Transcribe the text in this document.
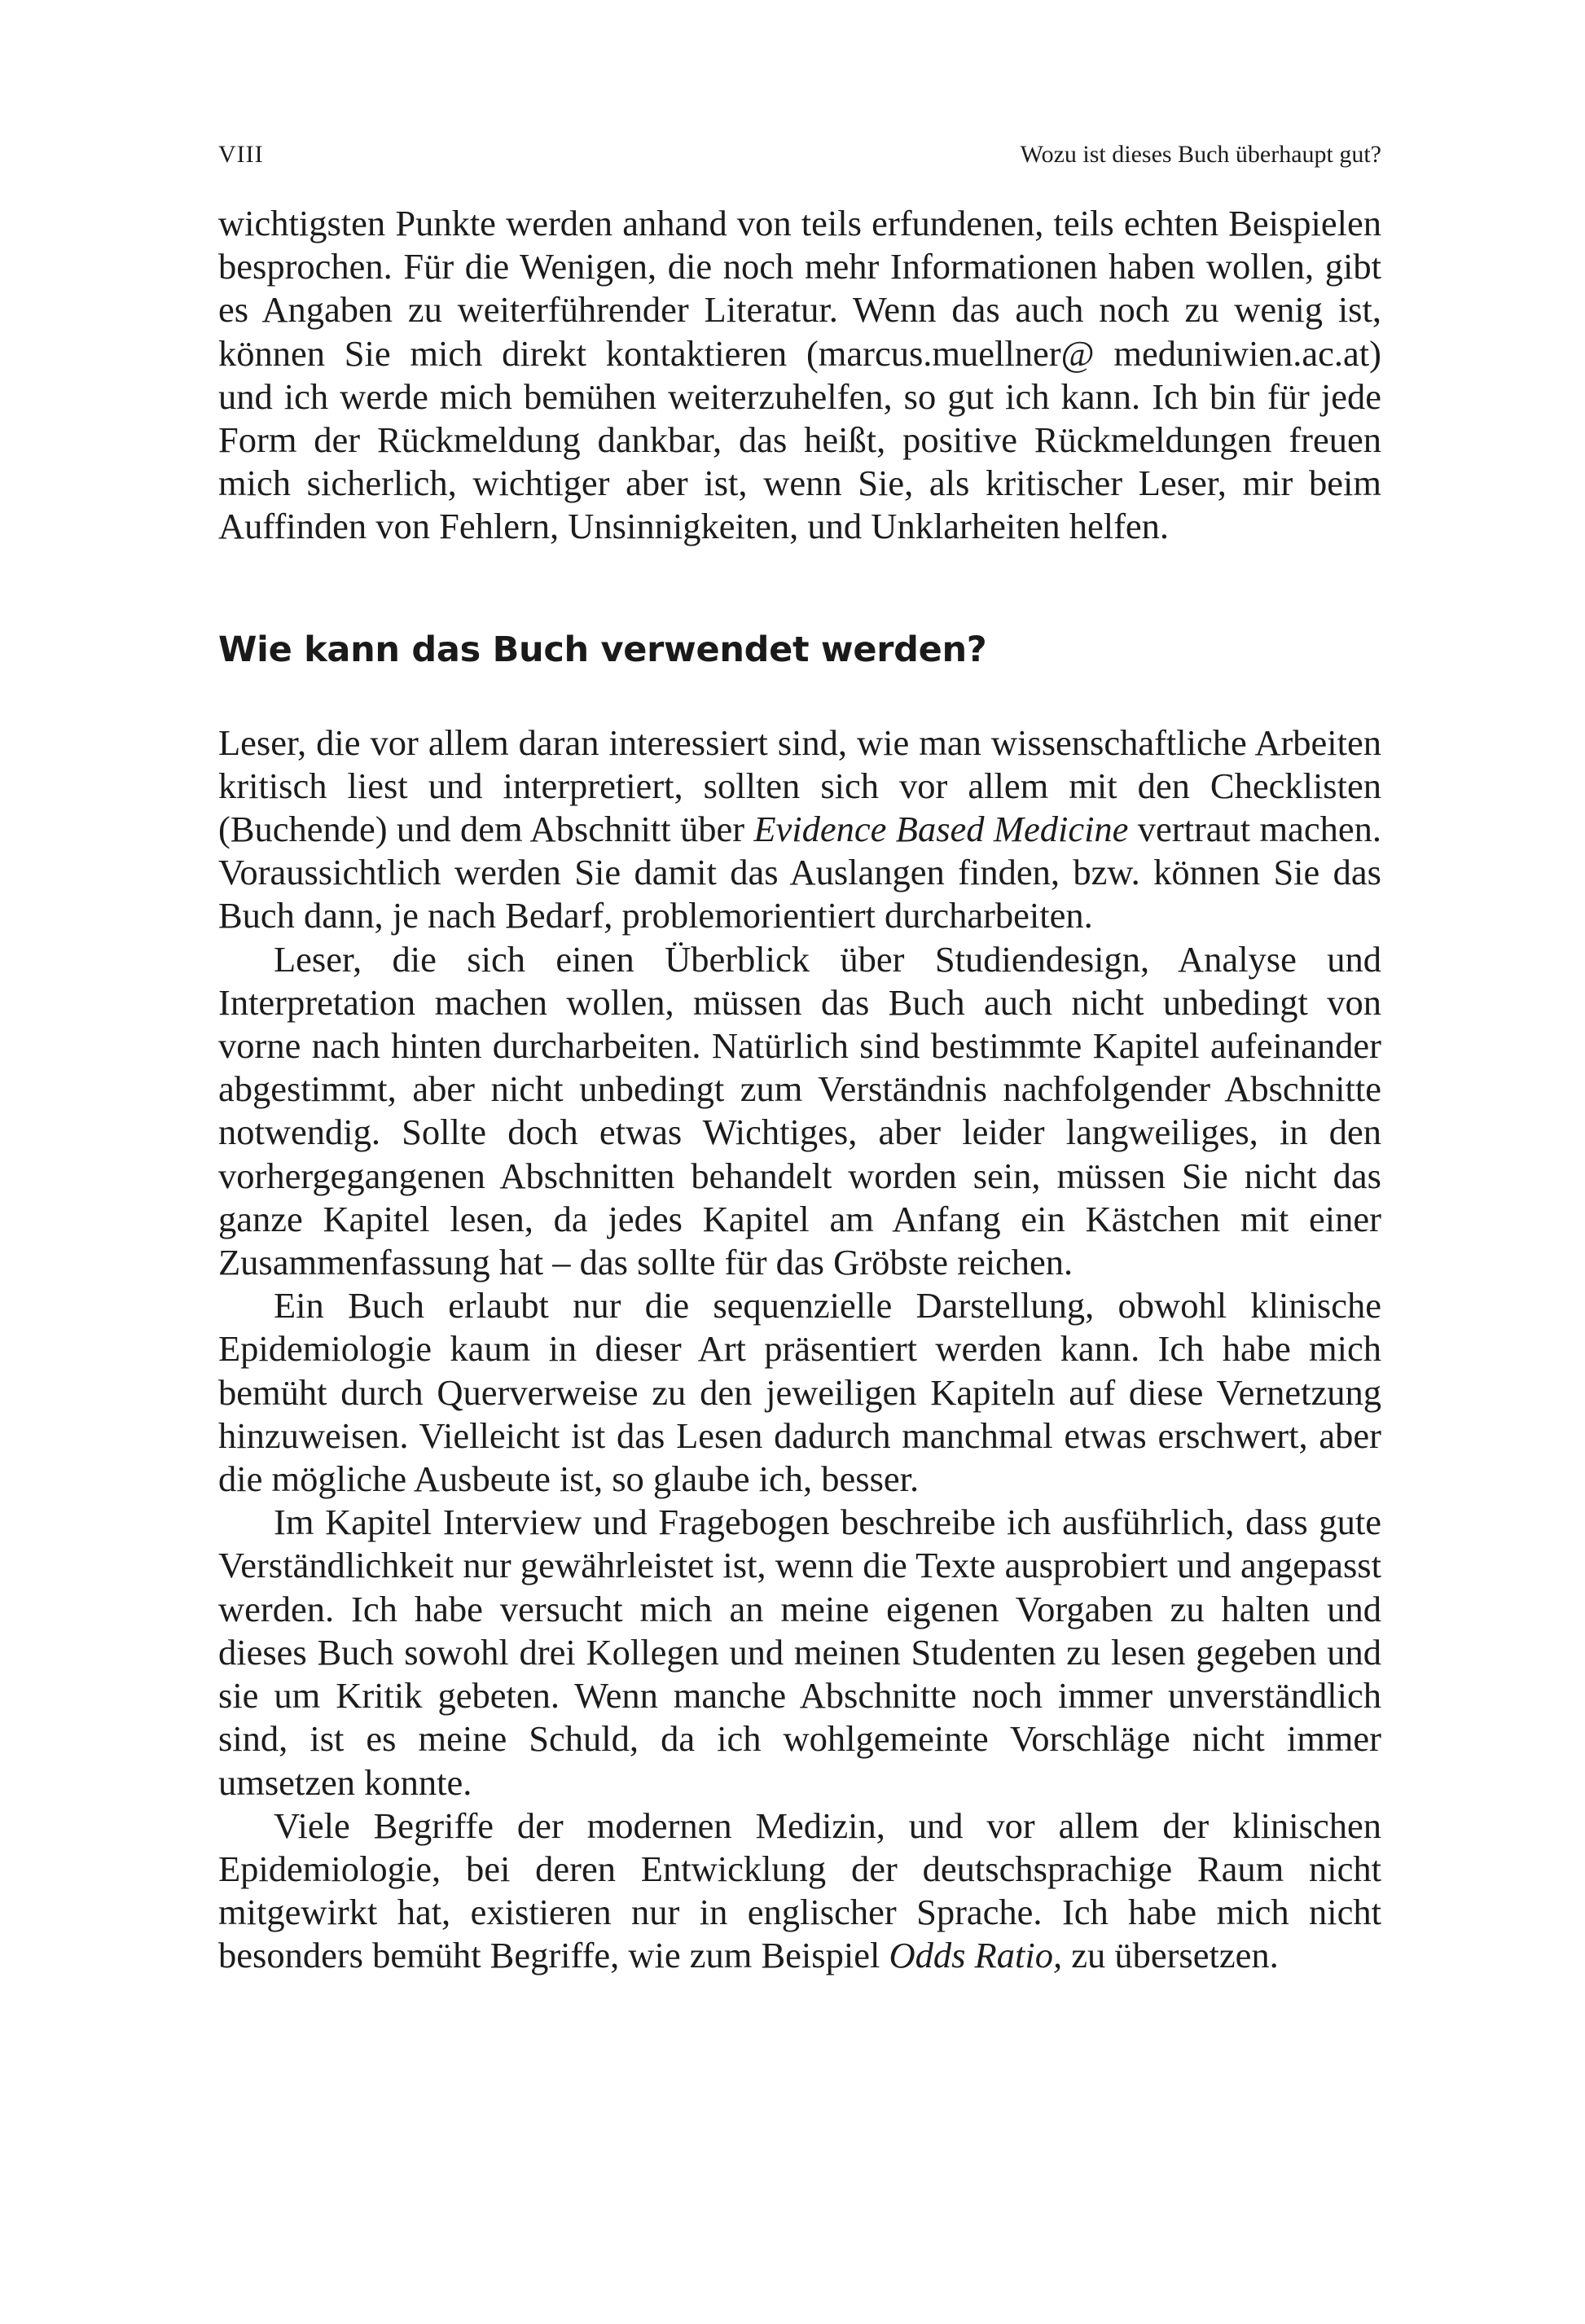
VIII	Wozu ist dieses Buch überhaupt gut?

wichtigsten Punkte werden anhand von teils erfundenen, teils echten Beispielen besprochen. Für die Wenigen, die noch mehr Informationen haben wollen, gibt es Angaben zu weiterführender Literatur. Wenn das auch noch zu wenig ist, können Sie mich direkt kontaktieren (marcus.muellner@ meduniwien.ac.at) und ich werde mich bemühen weiterzuhelfen, so gut ich kann. Ich bin für jede Form der Rückmeldung dankbar, das heißt, positive Rückmeldungen freuen mich sicherlich, wichtiger aber ist, wenn Sie, als kritischer Leser, mir beim Auffinden von Fehlern, Unsinnigkeiten, und Unklarheiten helfen.

Wie kann das Buch verwendet werden?

Leser, die vor allem daran interessiert sind, wie man wissenschaftliche Arbeiten kritisch liest und interpretiert, sollten sich vor allem mit den Checklisten (Buchende) und dem Abschnitt über Evidence Based Medicine vertraut machen. Voraussichtlich werden Sie damit das Auslangen finden, bzw. können Sie das Buch dann, je nach Bedarf, problemorientiert durcharbeiten.

Leser, die sich einen Überblick über Studiendesign, Analyse und Interpretation machen wollen, müssen das Buch auch nicht unbedingt von vorne nach hinten durcharbeiten. Natürlich sind bestimmte Kapitel aufeinander abgestimmt, aber nicht unbedingt zum Verständnis nachfolgender Abschnitte notwendig. Sollte doch etwas Wichtiges, aber leider langweiliges, in den vorhergegangenen Abschnitten behandelt worden sein, müssen Sie nicht das ganze Kapitel lesen, da jedes Kapitel am Anfang ein Kästchen mit einer Zusammenfassung hat – das sollte für das Gröbste reichen.

Ein Buch erlaubt nur die sequenzielle Darstellung, obwohl klinische Epidemiologie kaum in dieser Art präsentiert werden kann. Ich habe mich bemüht durch Querverweise zu den jeweiligen Kapiteln auf diese Vernetzung hinzuweisen. Vielleicht ist das Lesen dadurch manchmal etwas erschwert, aber die mögliche Ausbeute ist, so glaube ich, besser.

Im Kapitel Interview und Fragebogen beschreibe ich ausführlich, dass gute Verständlichkeit nur gewährleistet ist, wenn die Texte ausprobiert und angepasst werden. Ich habe versucht mich an meine eigenen Vorgaben zu halten und dieses Buch sowohl drei Kollegen und meinen Studenten zu lesen gegeben und sie um Kritik gebeten. Wenn manche Abschnitte noch immer unverständlich sind, ist es meine Schuld, da ich wohlgemeinte Vorschläge nicht immer umsetzen konnte.

Viele Begriffe der modernen Medizin, und vor allem der klinischen Epidemiologie, bei deren Entwicklung der deutschsprachige Raum nicht mitgewirkt hat, existieren nur in englischer Sprache. Ich habe mich nicht besonders bemüht Begriffe, wie zum Beispiel Odds Ratio, zu übersetzen.
